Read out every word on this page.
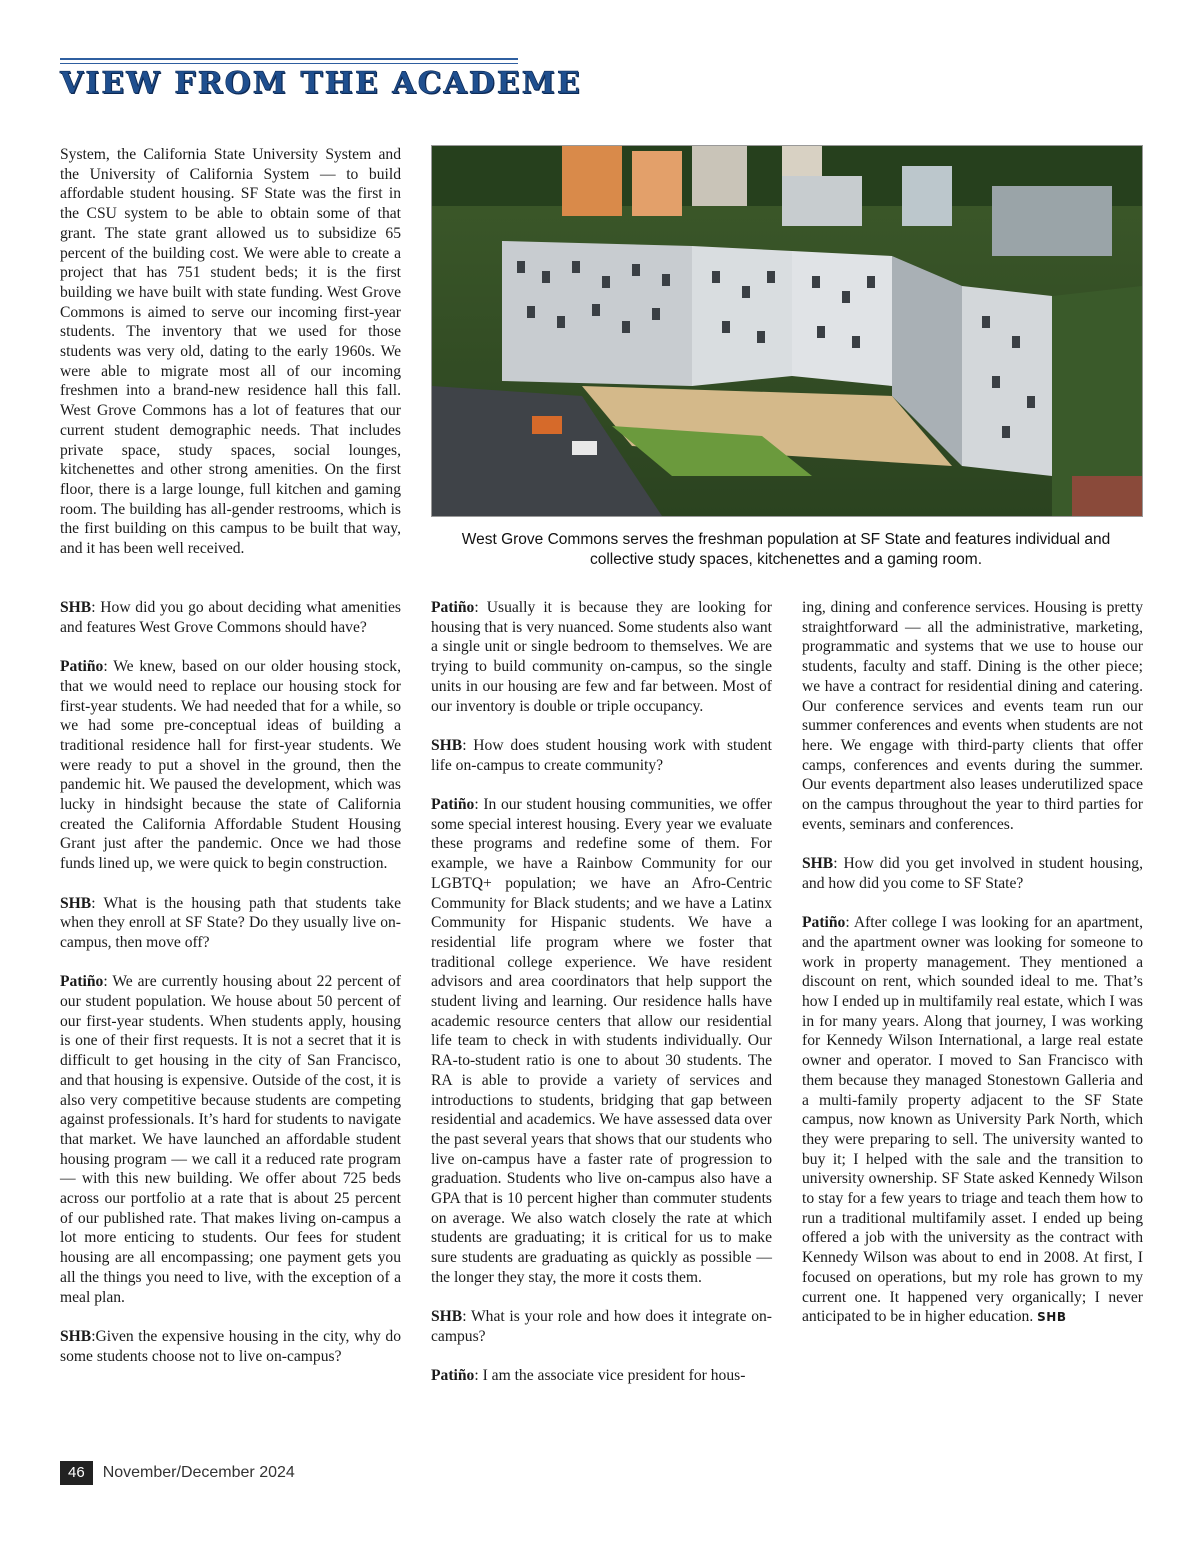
VIEW FROM THE ACADEME

System, the California State University System and the University of California System — to build affordable student housing. SF State was the first in the CSU system to be able to obtain some of that grant. The state grant allowed us to subsidize 65 percent of the building cost. We were able to create a project that has 751 student beds; it is the first building we have built with state funding. West Grove Commons is aimed to serve our incoming first-year students. The inventory that we used for those students was very old, dating to the early 1960s. We were able to migrate most all of our incoming freshmen into a brand-new residence hall this fall. West Grove Commons has a lot of features that our current student demographic needs. That includes private space, study spaces, social lounges, kitchenettes and other strong amenities. On the first floor, there is a large lounge, full kitchen and gaming room. The building has all-gender restrooms, which is the first building on this campus to be built that way, and it has been well received.

West Grove Commons serves the freshman population at SF State and features individual and collective study spaces, kitchenettes and a gaming room.

SHB: How did you go about deciding what amenities and features West Grove Commons should have?

Patiño: We knew, based on our older housing stock, that we would need to replace our housing stock for first-year students. We had needed that for a while, so we had some pre-conceptual ideas of building a traditional residence hall for first-year students. We were ready to put a shovel in the ground, then the pandemic hit. We paused the development, which was lucky in hindsight because the state of California created the California Affordable Student Housing Grant just after the pandemic. Once we had those funds lined up, we were quick to begin construction.

SHB: What is the housing path that students take when they enroll at SF State? Do they usually live on-campus, then move off?

Patiño: We are currently housing about 22 percent of our student population. We house about 50 percent of our first-year students. When students apply, housing is one of their first requests. It is not a secret that it is difficult to get housing in the city of San Francisco, and that housing is expensive. Outside of the cost, it is also very competitive because students are competing against professionals. It’s hard for students to navigate that market. We have launched an affordable student housing program — we call it a reduced rate program — with this new building. We offer about 725 beds across our portfolio at a rate that is about 25 percent of our published rate. That makes living on-campus a lot more enticing to students. Our fees for student housing are all encompassing; one payment gets you all the things you need to live, with the exception of a meal plan.

SHB:Given the expensive housing in the city, why do some students choose not to live on-campus?

Patiño: Usually it is because they are looking for housing that is very nuanced. Some students also want a single unit or single bedroom to themselves. We are trying to build community on-campus, so the single units in our housing are few and far between. Most of our inventory is double or triple occupancy.

SHB: How does student housing work with student life on-campus to create community?

Patiño: In our student housing communities, we offer some special interest housing. Every year we evaluate these programs and redefine some of them. For example, we have a Rainbow Community for our LGBTQ+ population; we have an Afro-Centric Community for Black students; and we have a Latinx Community for Hispanic students. We have a residential life program where we foster that traditional college experience. We have resident advisors and area coordinators that help support the student living and learning. Our residence halls have academic resource centers that allow our residential life team to check in with students individually. Our RA-to-student ratio is one to about 30 students. The RA is able to provide a variety of services and introductions to students, bridging that gap between residential and academics. We have assessed data over the past several years that shows that our students who live on-campus have a faster rate of progression to graduation. Students who live on-campus also have a GPA that is 10 percent higher than commuter students on average. We also watch closely the rate at which students are graduating; it is critical for us to make sure students are graduating as quickly as possible — the longer they stay, the more it costs them.

SHB: What is your role and how does it integrate on-campus?

Patiño: I am the associate vice president for hous-

ing, dining and conference services. Housing is pretty straightforward — all the administrative, marketing, programmatic and systems that we use to house our students, faculty and staff. Dining is the other piece; we have a contract for residential dining and catering. Our conference services and events team run our summer conferences and events when students are not here. We engage with third-party clients that offer camps, conferences and events during the summer. Our events department also leases underutilized space on the campus throughout the year to third parties for events, seminars and conferences.

SHB: How did you get involved in student housing, and how did you come to SF State?

Patiño: After college I was looking for an apartment, and the apartment owner was looking for someone to work in property management. They mentioned a discount on rent, which sounded ideal to me. That’s how I ended up in multifamily real estate, which I was in for many years. Along that journey, I was working for Kennedy Wilson International, a large real estate owner and operator. I moved to San Francisco with them because they managed Stonestown Galleria and a multi-family property adjacent to the SF State campus, now known as University Park North, which they were preparing to sell. The university wanted to buy it; I helped with the sale and the transition to university ownership. SF State asked Kennedy Wilson to stay for a few years to triage and teach them how to run a traditional multifamily asset. I ended up being offered a job with the university as the contract with Kennedy Wilson was about to end in 2008. At first, I focused on operations, but my role has grown to my current one. It happened very organically; I never anticipated to be in higher education. SHB

46	November/December 2024
